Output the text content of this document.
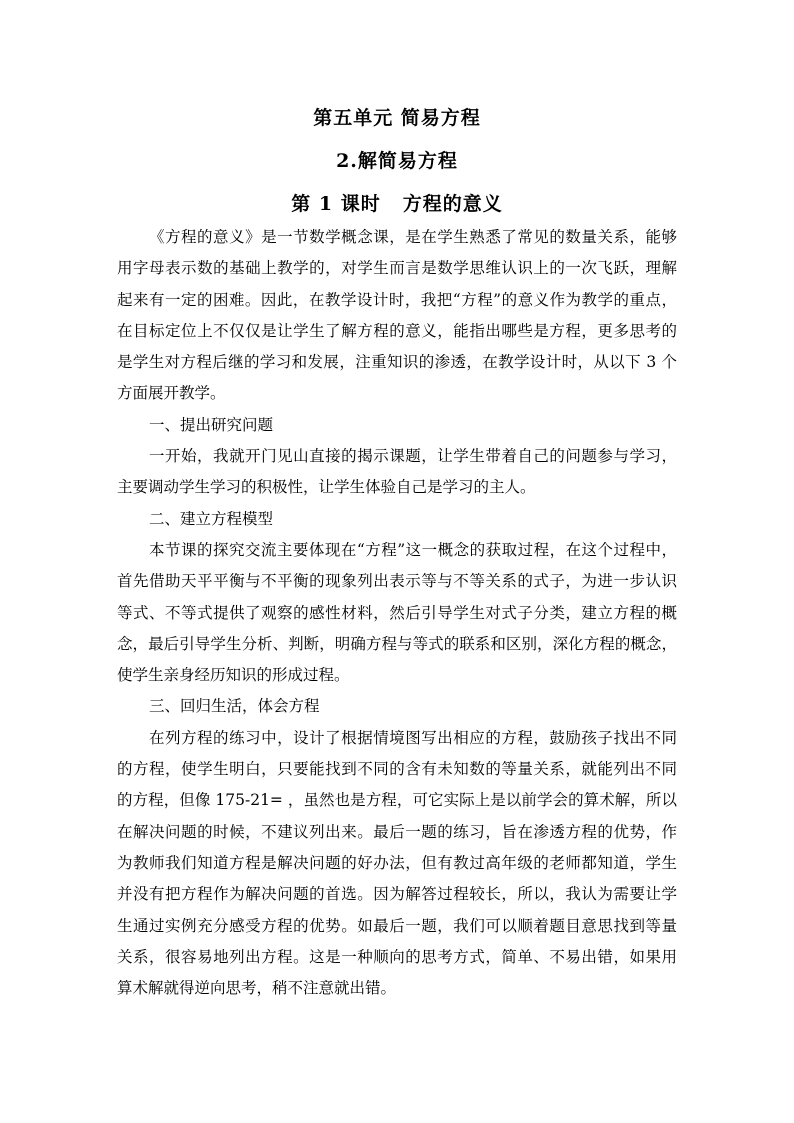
第五单元 简易方程
2.解简易方程
第 1 课时 方程的意义
《方程的意义》是一节数学概念课，是在学生熟悉了常见的数量关系，能够
用字母表示数的基础上教学的，对学生而言是数学思维认识上的一次飞跃，理解
起来有一定的困难。因此，在教学设计时，我把“方程”的意义作为教学的重点，
在目标定位上不仅仅是让学生了解方程的意义，能指出哪些是方程，更多思考的
是学生对方程后继的学习和发展，注重知识的渗透，在教学设计时，从以下 3 个
方面展开教学。
一、提出研究问题
一开始，我就开门见山直接的揭示课题，让学生带着自己的问题参与学习，
主要调动学生学习的积极性，让学生体验自己是学习的主人。
二、建立方程模型
本节课的探究交流主要体现在“方程”这一概念的获取过程，在这个过程中，
首先借助天平平衡与不平衡的现象列出表示等与不等关系的式子，为进一步认识
等式、不等式提供了观察的感性材料，然后引导学生对式子分类，建立方程的概
念，最后引导学生分析、判断，明确方程与等式的联系和区别，深化方程的概念，
使学生亲身经历知识的形成过程。
三、回归生活，体会方程
在列方程的练习中，设计了根据情境图写出相应的方程，鼓励孩子找出不同
的方程，使学生明白，只要能找到不同的含有未知数的等量关系，就能列出不同
的方程，但像 175-21= ，虽然也是方程，可它实际上是以前学会的算术解，所以
在解决问题的时候，不建议列出来。最后一题的练习，旨在渗透方程的优势，作
为教师我们知道方程是解决问题的好办法，但有教过高年级的老师都知道，学生
并没有把方程作为解决问题的首选。因为解答过程较长，所以，我认为需要让学
生通过实例充分感受方程的优势。如最后一题，我们可以顺着题目意思找到等量
关系，很容易地列出方程。这是一种顺向的思考方式，简单、不易出错，如果用
算术解就得逆向思考，稍不注意就出错。
